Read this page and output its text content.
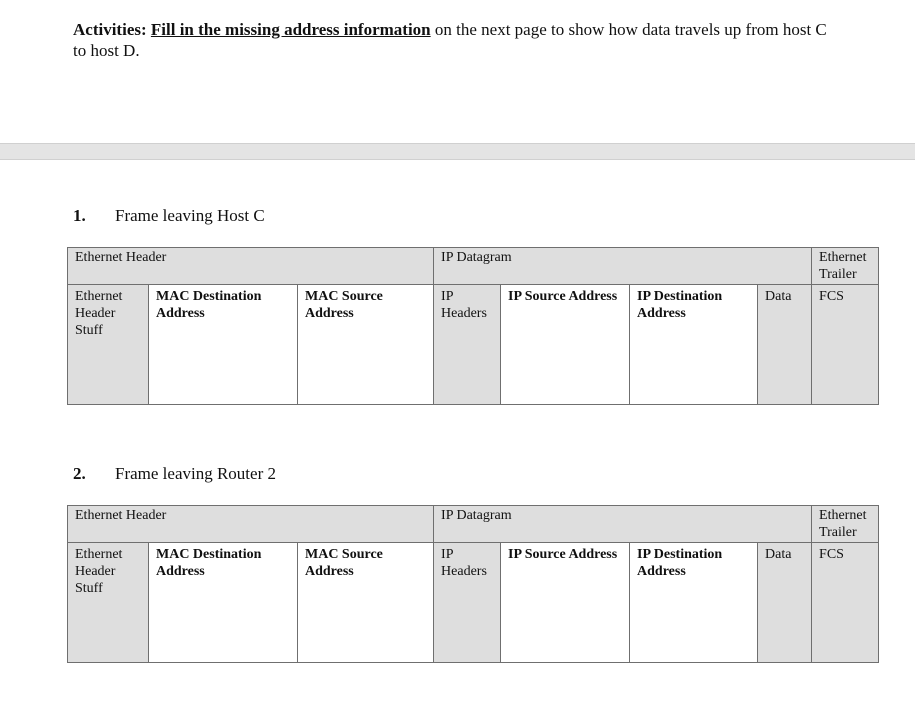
Activities: Fill in the missing address information on the next page to show how data travels up from host C to host D.
1. Frame leaving Host C
Ethernet Header			IP Datagram				Ethernet Trailer
Ethernet Header Stuff	MAC Destination Address	MAC Source Address	IP Headers	IP Source Address	IP Destination Address	Data	FCS
2. Frame leaving Router 2
Ethernet Header			IP Datagram				Ethernet Trailer
Ethernet Header Stuff	MAC Destination Address	MAC Source Address	IP Headers	IP Source Address	IP Destination Address	Data	FCS
